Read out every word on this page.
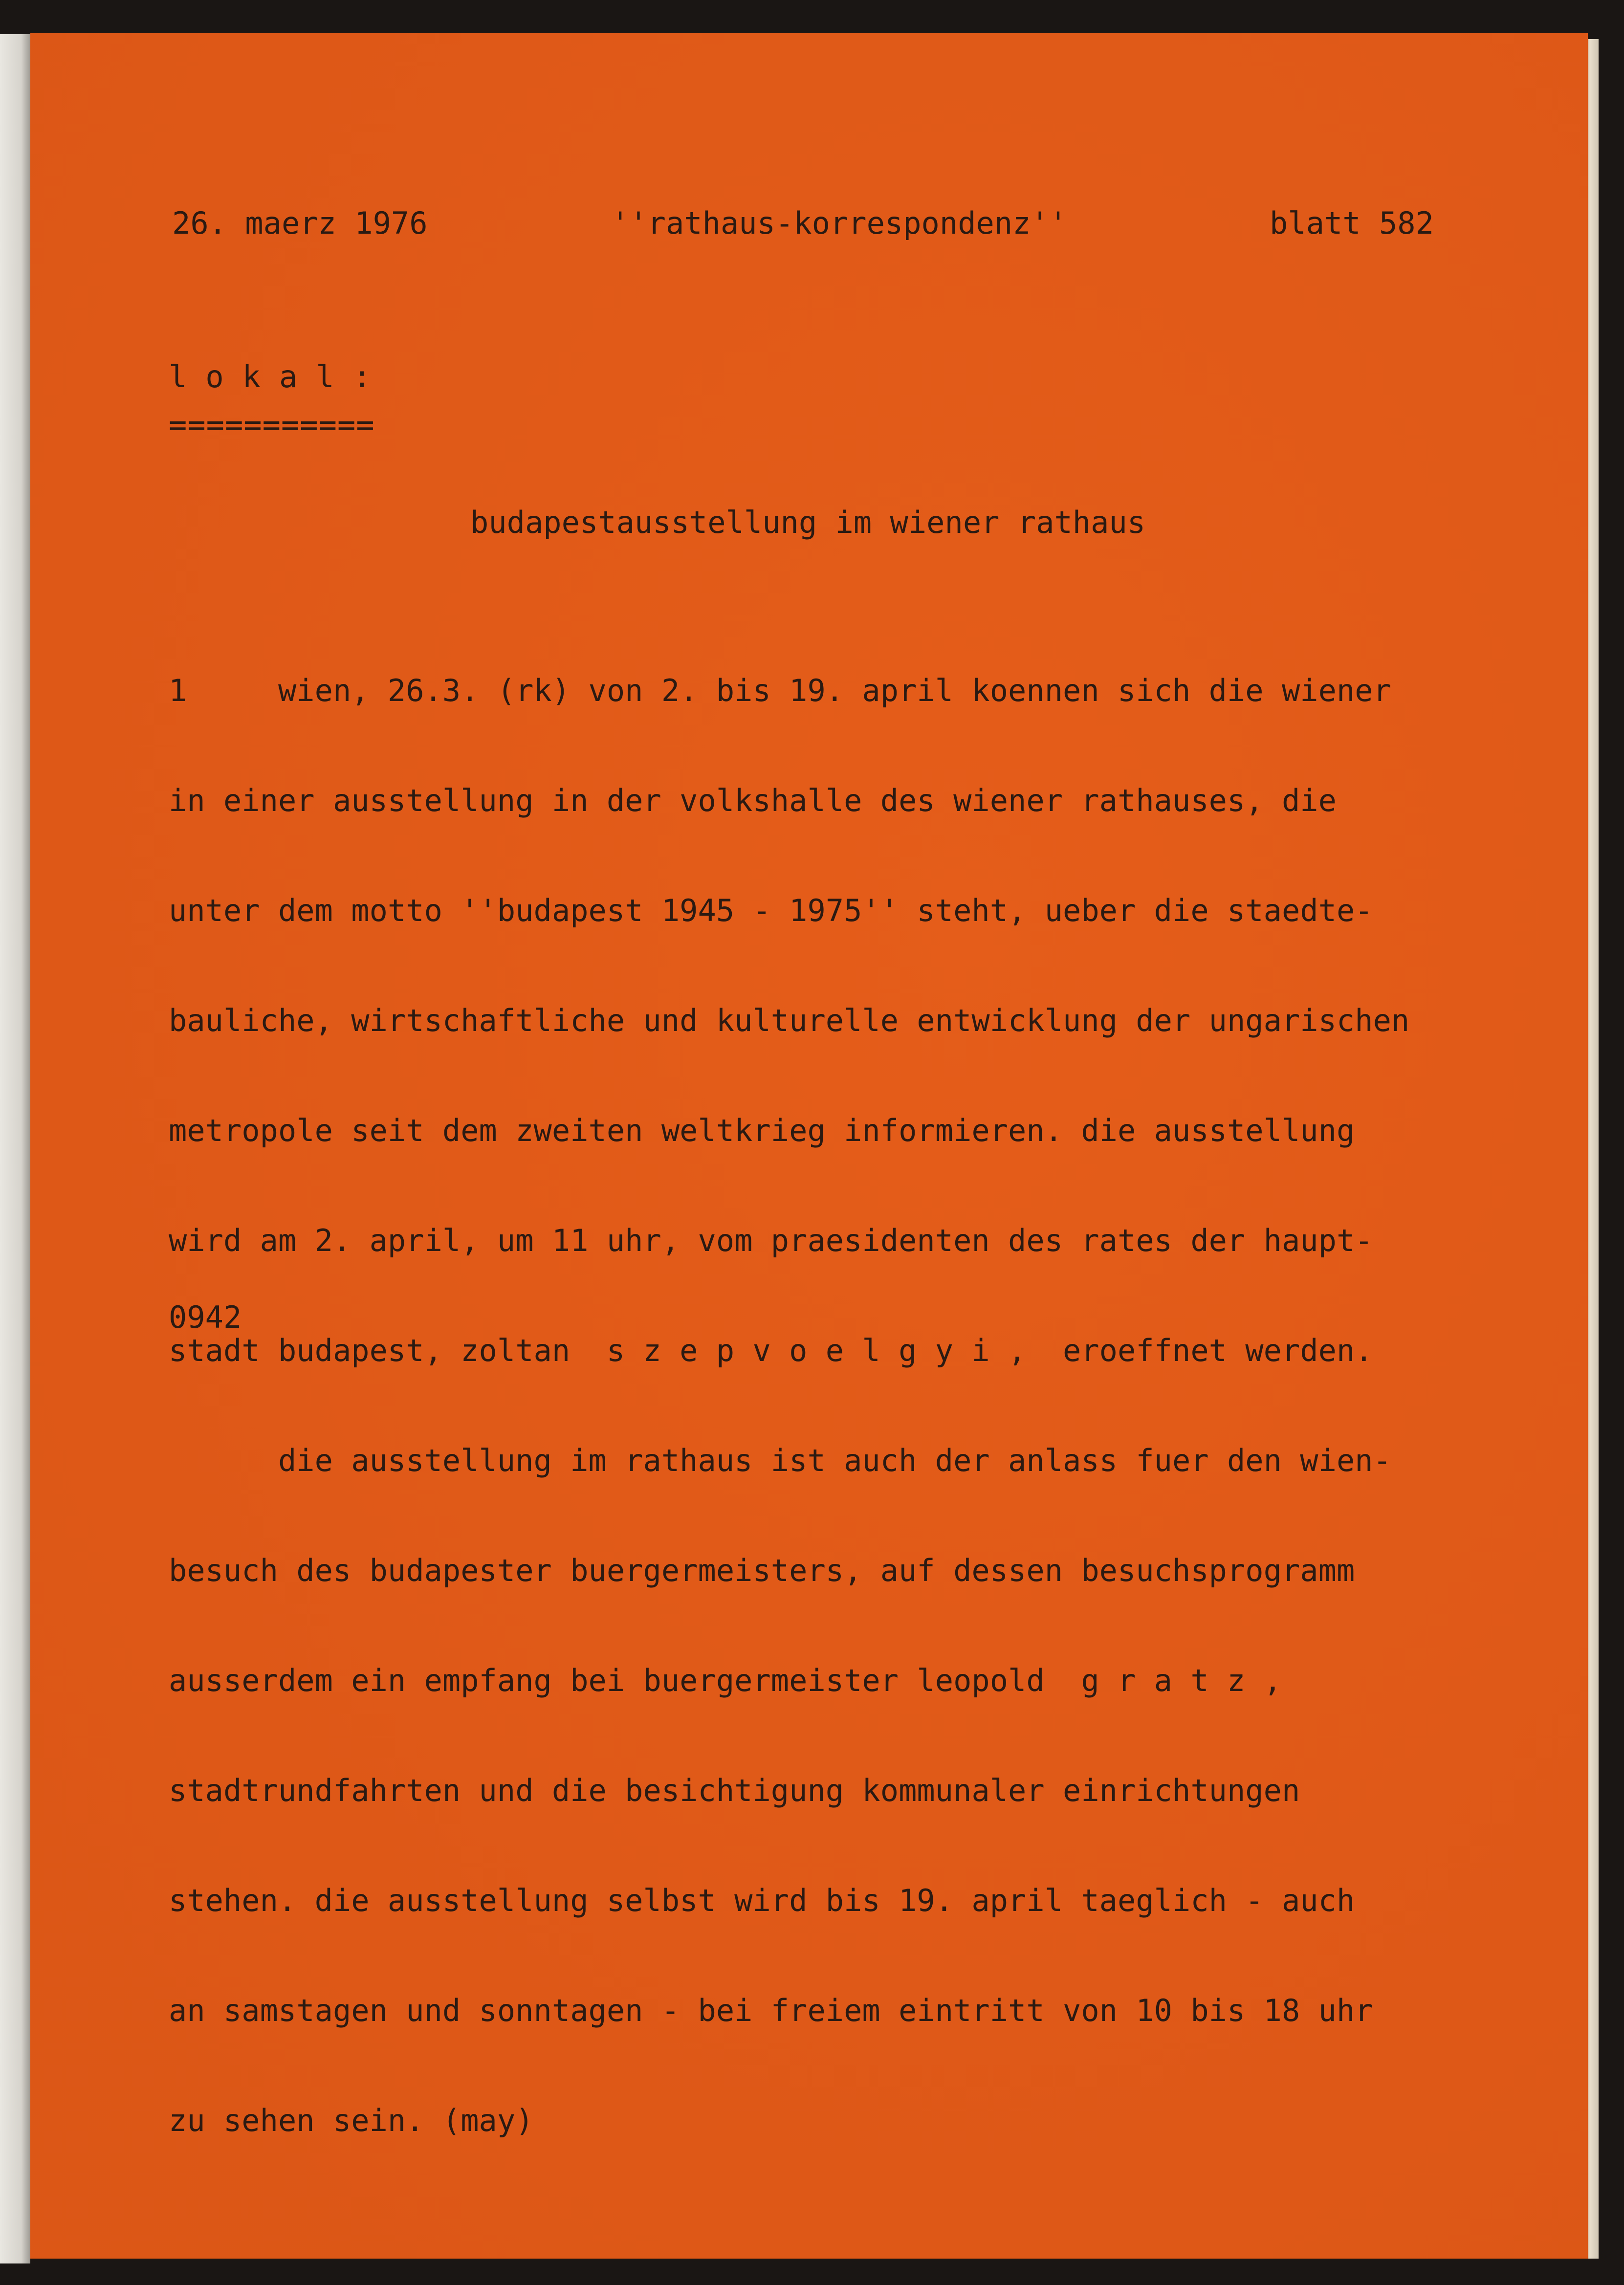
26. maerz 1976	''rathaus-korrespondenz''	blatt 582
lokal:
===========
budapestausstellung im wiener rathaus

1     wien, 26.3. (rk) von 2. bis 19. april koennen sich die wiener

in einer ausstellung in der volkshalle des wiener rathauses, die

unter dem motto ''budapest 1945 - 1975'' steht, ueber die staedte-

bauliche, wirtschaftliche und kulturelle entwicklung der ungarischen

metropole seit dem zweiten weltkrieg informieren. die ausstellung

wird am 2. april, um 11 uhr, vom praesidenten des rates der haupt-

stadt budapest, zoltan  s z e p v o e l g y i ,  eroeffnet werden.

die ausstellung im rathaus ist auch der anlass fuer den wien-

besuch des budapester buergermeisters, auf dessen besuchsprogramm

ausserdem ein empfang bei buergermeister leopold  g r a t z ,

stadtrundfahrten und die besichtigung kommunaler einrichtungen

stehen. die ausstellung selbst wird bis 19. april taeglich - auch

an samstagen und sonntagen - bei freiem eintritt von 10 bis 18 uhr

zu sehen sein. (may)

0942
